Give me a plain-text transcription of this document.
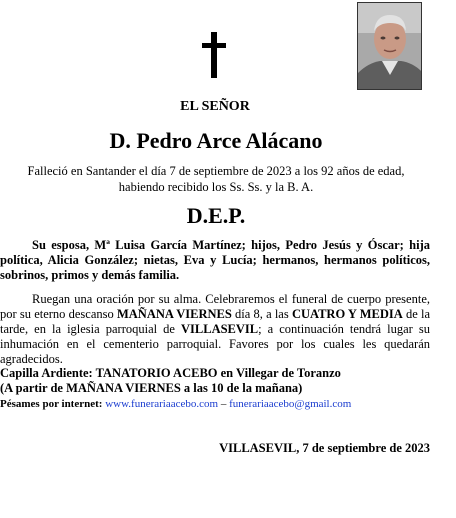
EL SEÑOR
D. Pedro Arce Alácano
Falleció en Santander el día 7 de septiembre de 2023 a los 92 años de edad,
habiendo recibido los Ss. Ss. y la B. A.
D.E.P.
Su esposa, Mª Luisa García Martínez; hijos, Pedro Jesús y Óscar; hija política, Alicia González; nietas, Eva y Lucía; hermanos, hermanos políticos, sobrinos, primos y demás familia.
Ruegan una oración por su alma. Celebraremos el funeral de cuerpo presente, por su eterno descanso MAÑANA VIERNES día 8, a las CUATRO Y MEDIA de la tarde, en la iglesia parroquial de VILLASEVIL; a continuación tendrá lugar su inhumación en el cementerio parroquial. Favores por los cuales les quedarán agradecidos.
Capilla Ardiente: TANATORIO ACEBO en Villegar de Toranzo
(A partir de MAÑANA VIERNES a las 10 de la mañana)
Pésames por internet: www.funerariaacebo.com – funerariaacebo@gmail.com
VILLASEVIL, 7 de septiembre de 2023
